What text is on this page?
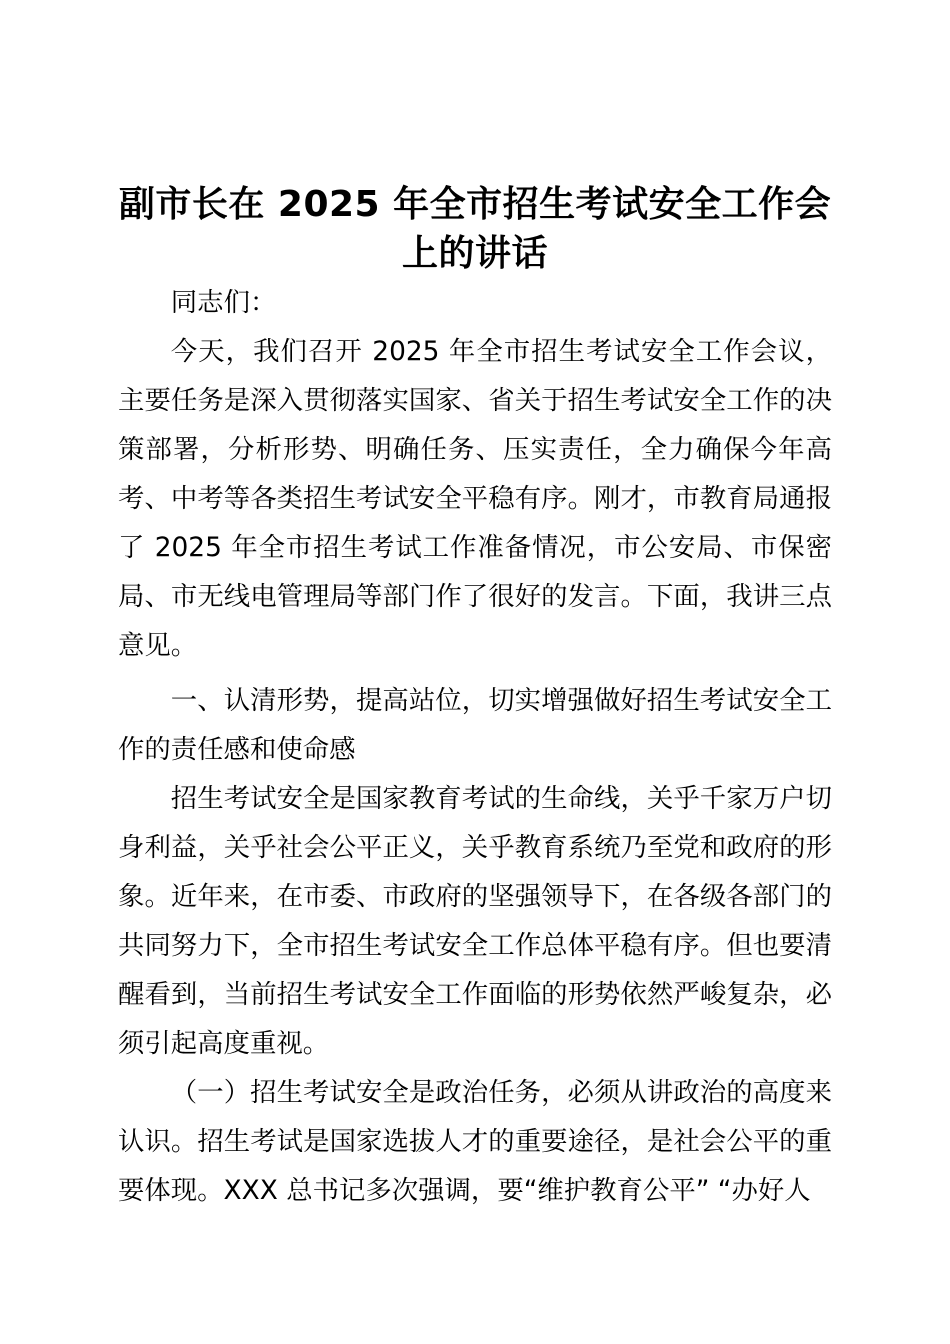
副市长在 2025 年全市招生考试安全工作会上的讲话

同志们：

今天，我们召开 2025 年全市招生考试安全工作会议，主要任务是深入贯彻落实国家、省关于招生考试安全工作的决策部署，分析形势、明确任务、压实责任，全力确保今年高考、中考等各类招生考试安全平稳有序。刚才，市教育局通报了 2025 年全市招生考试工作准备情况，市公安局、市保密局、市无线电管理局等部门作了很好的发言。下面，我讲三点意见。

一、认清形势，提高站位，切实增强做好招生考试安全工作的责任感和使命感

招生考试安全是国家教育考试的生命线，关乎千家万户切身利益，关乎社会公平正义，关乎教育系统乃至党和政府的形象。近年来，在市委、市政府的坚强领导下，在各级各部门的共同努力下，全市招生考试安全工作总体平稳有序。但也要清醒看到，当前招生考试安全工作面临的形势依然严峻复杂，必须引起高度重视。

（一）招生考试安全是政治任务，必须从讲政治的高度来认识。招生考试是国家选拔人才的重要途径，是社会公平的重要体现。XXX 总书记多次强调，要“维护教育公平” “办好人
